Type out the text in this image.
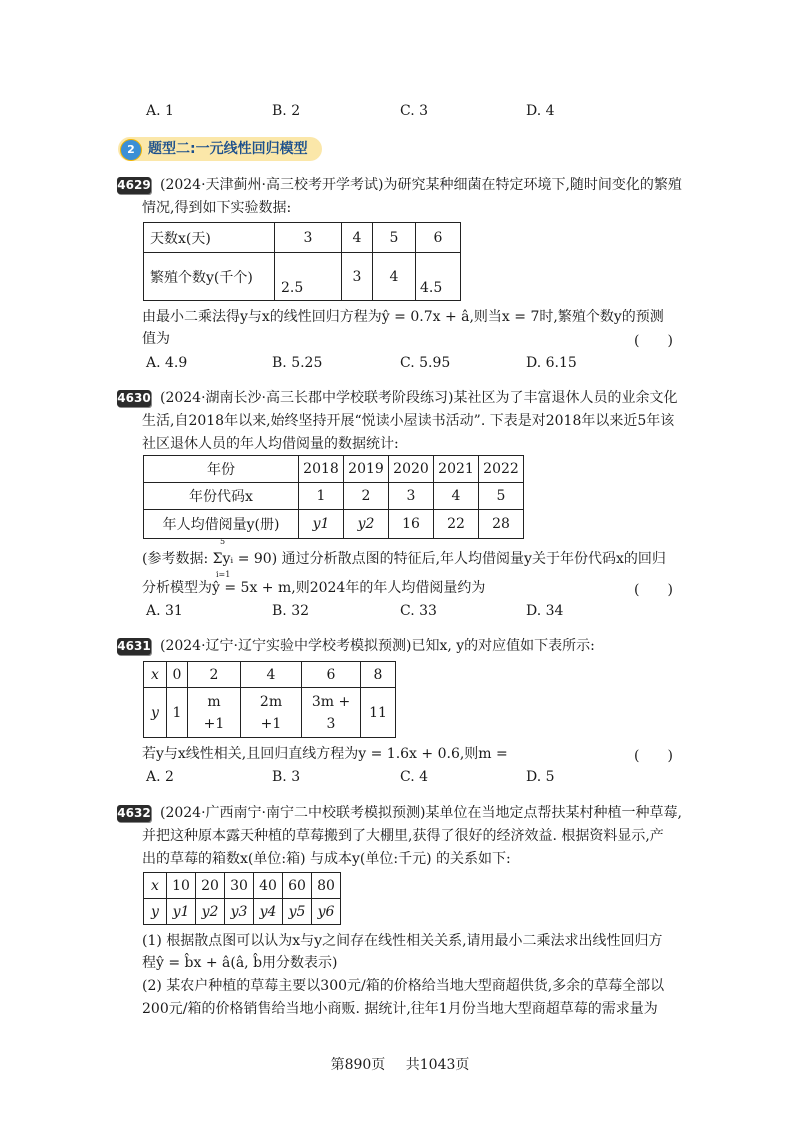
A. 1	B. 2	C. 3	D. 4
2 题型二:一元线性回归模型
4629 (2024·天津蓟州·高三校考开学考试)为研究某种细菌在特定环境下,随时间变化的繁殖
情况,得到如下实验数据:
天数x(天)	3	4	5	6
繁殖个数y(千个)	2.5	3	4	4.5
由最小二乘法得y与x的线性回归方程为ŷ = 0.7x + â,则当x = 7时,繁殖个数y的预测
值为	(　　)
A. 4.9	B. 5.25	C. 5.95	D. 6.15
4630 (2024·湖南长沙·高三长郡中学校联考阶段练习)某社区为了丰富退休人员的业余文化
生活,自2018年以来,始终坚持开展“悦读小屋读书活动”. 下表是对2018年以来近5年该
社区退休人员的年人均借阅量的数据统计:
年份	2018	2019	2020	2021	2022
年份代码x	1	2	3	4	5
年人均借阅量y(册)	y1	y2	16	22	28
5
i=1
(参考数据: Σyᵢ = 90) 通过分析散点图的特征后,年人均借阅量y关于年份代码x的回归
分析模型为ŷ = 5x + m,则2024年的年人均借阅量约为	(　　)
A. 31	B. 32	C. 33	D. 34
4631 (2024·辽宁·辽宁实验中学校考模拟预测)已知x, y的对应值如下表所示:
x	0	2	4	6	8
y	1	m +1	2m +1	3m + 3	11
若y与x线性相关,且回归直线方程为y = 1.6x + 0.6,则m =	(　　)
A. 2	B. 3	C. 4	D. 5
4632 (2024·广西南宁·南宁二中校联考模拟预测)某单位在当地定点帮扶某村种植一种草莓,
并把这种原本露天种植的草莓搬到了大棚里,获得了很好的经济效益. 根据资料显示,产
出的草莓的箱数x(单位:箱) 与成本y(单位:千元) 的关系如下:
x	10	20	30	40	60	80
y	y1	y2	y3	y4	y5	y6
(1) 根据散点图可以认为x与y之间存在线性相关关系,请用最小二乘法求出线性回归方
程ŷ = b̂x + â(â, b̂用分数表示)
(2) 某农户种植的草莓主要以300元/箱的价格给当地大型商超供货,多余的草莓全部以
200元/箱的价格销售给当地小商贩. 据统计,往年1月份当地大型商超草莓的需求量为
第890页 共1043页
